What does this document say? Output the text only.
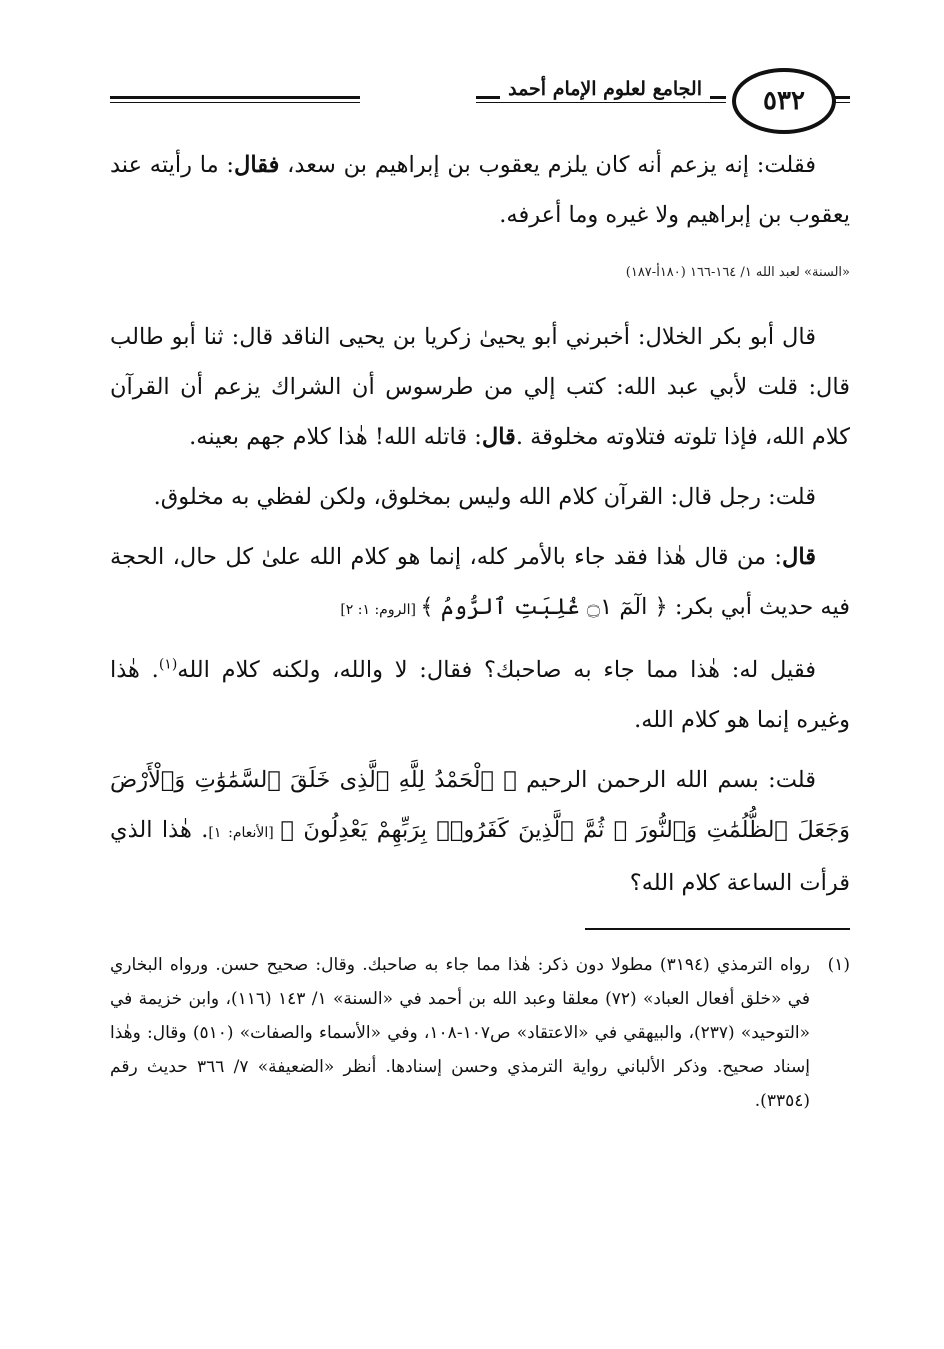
٥٣٢
الجامع لعلوم الإمام أحمد

فقلت: إنه يزعم أنه كان يلزم يعقوب بن إبراهيم بن سعد، فقال: ما رأيته عند يعقوب بن إبراهيم ولا غيره وما أعرفه.

«السنة» لعبد الله ١/ ١٦٤-١٦٦ (١٨٠أ-١٨٧)

قال أبو بكر الخلال: أخبرني أبو يحيىٰ زكريا بن يحيى الناقد قال: ثنا أبو طالب قال: قلت لأبي عبد الله: كتب إلي من طرسوس أن الشراك يزعم أن القرآن كلام الله، فإذا تلوته فتلاوته مخلوقة .قال: قاتله الله! هٰذا كلام جهم بعينه.

قلت: رجل قال: القرآن كلام الله وليس بمخلوق، ولكن لفظي به مخلوق.

قال: من قال هٰذا فقد جاء بالأمر كله، إنما هو كلام الله علىٰ كل حال، الحجة فيه حديث أبي بكر: ﴿ الٓمٓ ۝١ غُلِبَتِ ٱلرُّومُ ﴾ [الروم: ١: ٢]

فقيل له: هٰذا مما جاء به صاحبك؟ فقال: لا والله، ولكنه كلام الله$^{(١)}$. هٰذا وغيره إنما هو كلام الله.

قلت: بسم الله الرحمن الرحيم ﴿ ٱلْحَمْدُ لِلَّهِ ٱلَّذِى خَلَقَ ٱلسَّمَٰوَٰتِ وَٱلْأَرْضَ وَجَعَلَ ٱلظُّلُمَٰتِ وَٱلنُّورَ ۖ ثُمَّ ٱلَّذِينَ كَفَرُوا۟ بِرَبِّهِمْ يَعْدِلُونَ ﴾ [الأنعام: ١]. هٰذا الذي قرأت الساعة كلام الله؟

(١)
رواه الترمذي (٣١٩٤) مطولا دون ذكر: هٰذا مما جاء به صاحبك. وقال: صحيح حسن. ورواه البخاري في «خلق أفعال العباد» (٧٢) معلقا وعبد الله بن أحمد في «السنة» ١/ ١٤٣ (١١٦)، وابن خزيمة في «التوحيد» (٢٣٧)، والبيهقي في «الاعتقاد» ص١٠٧-١٠٨، وفي «الأسماء والصفات» (٥١٠) وقال: وهٰذا إسناد صحيح. وذكر الألباني رواية الترمذي وحسن إسنادها. أنظر «الضعيفة» ٧/ ٣٦٦ حديث رقم (٣٣٥٤).
